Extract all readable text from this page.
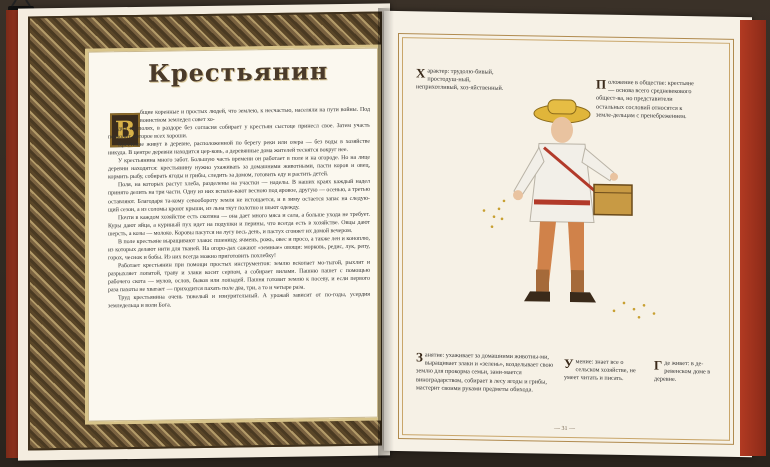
Крестьянин
В

бщие коренные и простых людей, что землею, к несчастью, населяли на пути войны. Под воинством земледел совет хо-

дил на полях, в раздоре без согласия собирает у крестьян сыстоце принесл свое. Затем участь позволит, которое всех хороши.

Крестьяне живут в деревне, расположенной по берегу реки или озера — без воды в хозяйстве никуда. В центре деревни находится цер-ковь, а деревянные дома жителей теснятся вокруг нее.

У крестьянина много забот. Большую часть времени он работает в поле и на огороде. Но на лице деревни находятся: крестьянину нужно ухаживать за домашними животными, пасти коров и овец, кормить рыбу, собирать ягоды и грибы, следить за домом, готовить еду и растить детей.

Поля, на которых растут хлеба, разделены на участки — наделы. В наших краях каждый надел принято делить на три части. Одну из них вспахи-вают весною под яровое, другую — осенью, а третью оставляют. Благодаря та-кому севообороту земля не истощается, и в зиму остается запас на следую-щий сезон, а из соломы кроют крыши, из льна ткут полотно и шьют одежду.

Почти в каждом хозяйстве есть скотина — она дает много мяса и сала, а больше ухода не требует. Куры дают яйца, а куриный пух идет на подушки и перины, что всегда есть в хозяйстве. Овцы дают шерсть, а козы — молоко. Коровы пасутся на лугу весь день, и пастух сгоняет их домой вечером.

В поле крестьяне выращивают злаки: пшеницу, ячмень, рожь, овес и просо, а также лен и коноплю, из которых делают нити для тканей. На огоро-дах сажают «земные» овощи: морковь, редис, лук, репу, горох, чеснок и бобы. Из них всегда можно приготовить похлебку!

Работает крестьянин при помощи простых инструментов: землю вскопает мо-тыгой, рыхлит и разрыхляет лопатой, траву и злаки косит серпом, а собирает вилами. Пашню пашет с помощью рабочего скота — мулов, ослов, быков или лошадей. Пашня готовит землю к посеву, и если первого раза пахоты не хватает — приходится пахать поле два, три, а то и четыре раза.

Труд крестьянина очень тяжелый и изнурительный. А урожай зависит от по-годы, усердия земледельца и воли Бога.

Х арактер: трудолю-бивый, простодуш-ный, неприхотливый, хоз-яйственный.	П оложение в обществе: крестьяне — основа всего средневекового общест-ва, но представители остальных сословий относятся к земле-дельцам с пренебрежением.
З анятие: ухаживает за домашними животны-ми, выращивает злаки и «зелень», возделывает свою землю для прокорма семьи, зани-мается виноградарством, собирает в лесу ягоды и грибы, мастерит своими руками предметы обихода.
У мение: знает все о сельском хозяйстве, не умеет читать и писать.
Г де живет: в де-ревенском доме в деревне.
— 31 —
